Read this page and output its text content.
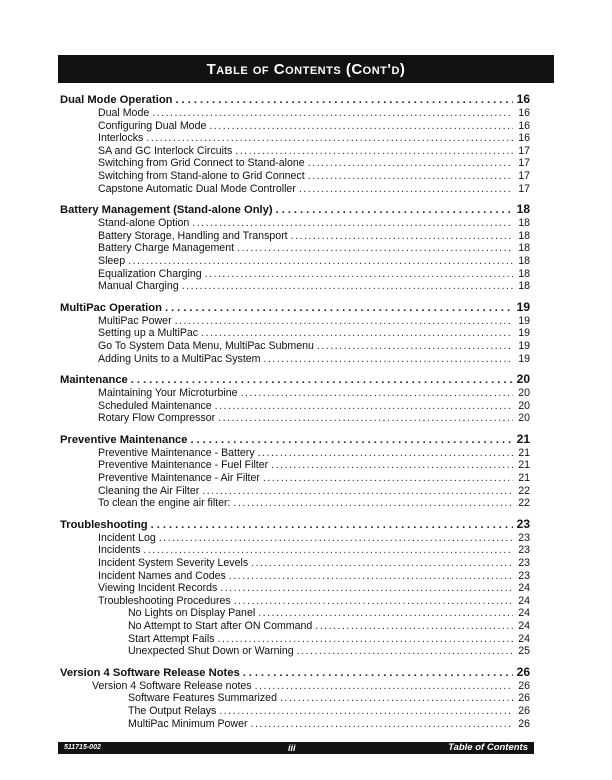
Table of Contents (Cont'd)
Dual Mode Operation .....	16
Dual Mode .....	16
Configuring Dual Mode .....	16
Interlocks .....	16
SA and GC Interlock Circuits .....	17
Switching from Grid Connect to Stand-alone .....	17
Switching from Stand-alone to Grid Connect .....	17
Capstone Automatic Dual Mode Controller .....	17
Battery Management (Stand-alone Only) .....	18
Stand-alone Option .....	18
Battery Storage, Handling and Transport .....	18
Battery Charge Management .....	18
Sleep .....	18
Equalization Charging .....	18
Manual Charging .....	18
MultiPac Operation .....	19
MultiPac Power .....	19
Setting up a MultiPac .....	19
Go To System Data Menu, MultiPac Submenu .....	19
Adding Units to a MultiPac System .....	19
Maintenance .....	20
Maintaining Your Microturbine .....	20
Scheduled Maintenance .....	20
Rotary Flow Compressor .....	20
Preventive Maintenance .....	21
Preventive Maintenance - Battery .....	21
Preventive Maintenance - Fuel Filter .....	21
Preventive Maintenance - Air Filter .....	21
Cleaning the Air Filter .....	22
To clean the engine air filter: .....	22
Troubleshooting .....	23
Incident Log .....	23
Incidents .....	23
Incident System Severity Levels .....	23
Incident Names and Codes .....	23
Viewing Incident Records .....	24
Troubleshooting Procedures .....	24
No Lights on Display Panel .....	24
No Attempt to Start after ON Command .....	24
Start Attempt Fails .....	24
Unexpected Shut Down or Warning .....	25
Version 4 Software Release Notes .....	26
Version 4 Software Release notes .....	26
Software Features Summarized .....	26
The Output Relays .....	26
MultiPac Minimum Power .....	26
511715-002	iii	Table of Contents
